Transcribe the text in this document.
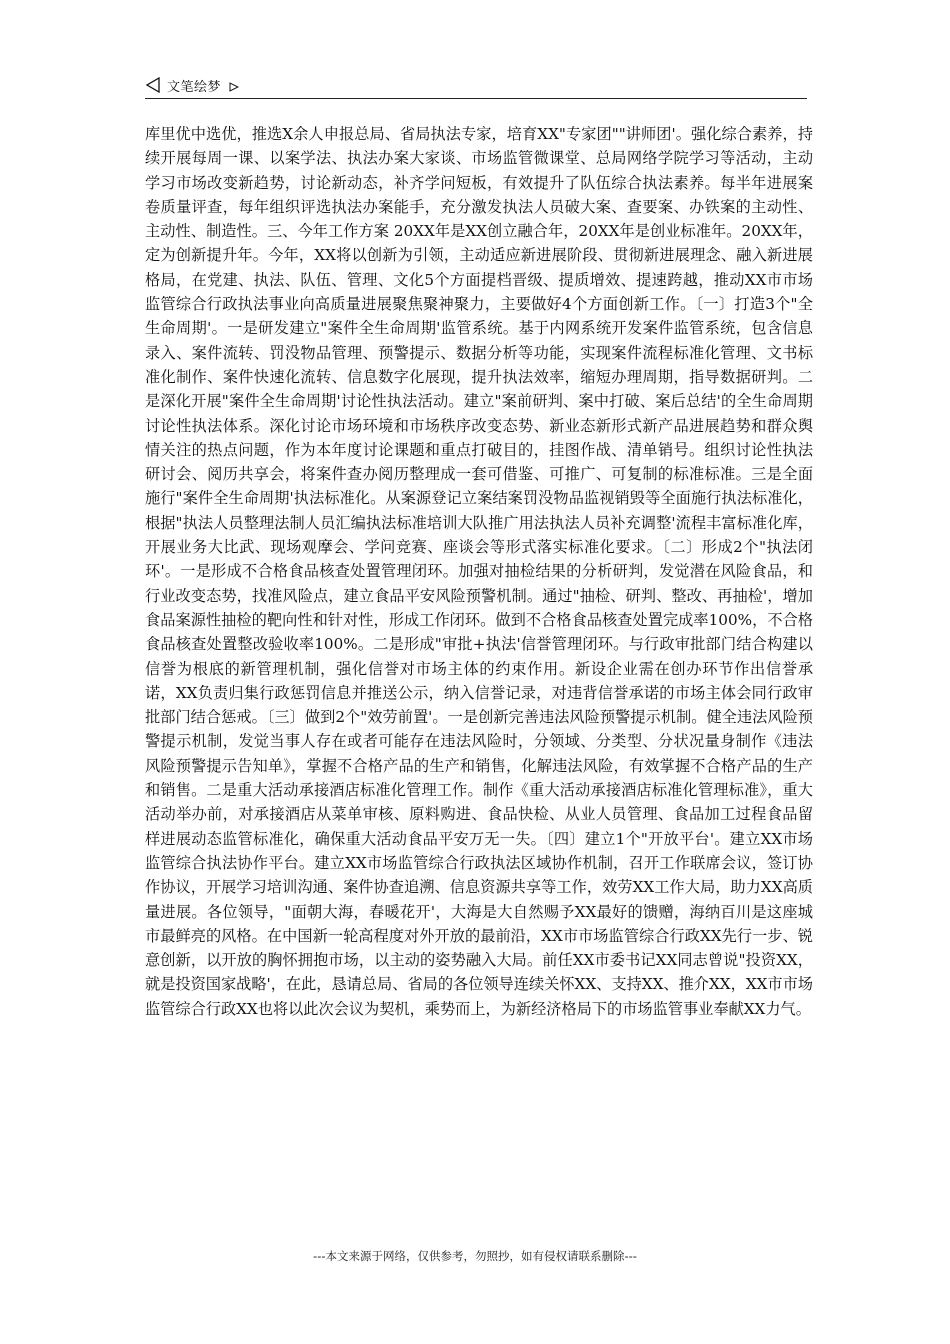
文笔绘梦

库里优中选优，推选X余人申报总局、省局执法专家，培育XX"专家团""讲师团'。强化综合素养，持续开展每周一课、以案学法、执法办案大家谈、市场监管微课堂、总局网络学院学习等活动，主动学习市场改变新趋势，讨论新动态，补齐学问短板，有效提升了队伍综合执法素养。每半年进展案卷质量评查，每年组织评选执法办案能手，充分激发执法人员破大案、查要案、办铁案的主动性、主动性、制造性。三、今年工作方案 20XX年是XX创立融合年，20XX年是创业标准年。20XX年，定为创新提升年。今年，XX将以创新为引领，主动适应新进展阶段、贯彻新进展理念、融入新进展格局，在党建、执法、队伍、管理、文化5个方面提档晋级、提质增效、提速跨越，推动XX市市场监管综合行政执法事业向高质量进展聚焦聚神聚力，主要做好4个方面创新工作。〔一〕打造3个"全生命周期'。一是研发建立"案件全生命周期'监管系统。基于内网系统开发案件监管系统，包含信息录入、案件流转、罚没物品管理、预警提示、数据分析等功能，实现案件流程标准化管理、文书标准化制作、案件快速化流转、信息数字化展现，提升执法效率，缩短办理周期，指导数据研判。二是深化开展"案件全生命周期'讨论性执法活动。建立"案前研判、案中打破、案后总结'的全生命周期讨论性执法体系。深化讨论市场环境和市场秩序改变态势、新业态新形式新产品进展趋势和群众舆情关注的热点问题，作为本年度讨论课题和重点打破目的，挂图作战、清单销号。组织讨论性执法研讨会、阅历共享会，将案件查办阅历整理成一套可借鉴、可推广、可复制的标准标准。三是全面施行"案件全生命周期'执法标准化。从案源登记立案结案罚没物品监视销毁等全面施行执法标准化，根据"执法人员整理法制人员汇编执法标准培训大队推广用法执法人员补充调整'流程丰富标准化库，开展业务大比武、现场观摩会、学问竞赛、座谈会等形式落实标准化要求。〔二〕形成2个"执法闭环'。一是形成不合格食品核查处置管理闭环。加强对抽检结果的分析研判，发觉潜在风险食品，和行业改变态势，找准风险点，建立食品平安风险预警机制。通过"抽检、研判、整改、再抽检'，增加食品案源性抽检的靶向性和针对性，形成工作闭环。做到不合格食品核查处置完成率100%，不合格食品核查处置整改验收率100%。二是形成"审批+执法'信誉管理闭环。与行政审批部门结合构建以信誉为根底的新管理机制，强化信誉对市场主体的约束作用。新设企业需在创办环节作出信誉承诺，XX负责归集行政惩罚信息并推送公示，纳入信誉记录，对违背信誉承诺的市场主体会同行政审批部门结合惩戒。〔三〕做到2个"效劳前置'。一是创新完善违法风险预警提示机制。健全违法风险预警提示机制，发觉当事人存在或者可能存在违法风险时，分领域、分类型、分状况量身制作《违法风险预警提示告知单》，掌握不合格产品的生产和销售，化解违法风险，有效掌握不合格产品的生产和销售。二是重大活动承接酒店标准化管理工作。制作《重大活动承接酒店标准化管理标准》，重大活动举办前，对承接酒店从菜单审核、原料购进、食品快检、从业人员管理、食品加工过程食品留样进展动态监管标准化，确保重大活动食品平安万无一失。〔四〕建立1个"开放平台'。建立XX市场监管综合执法协作平台。建立XX市场监管综合行政执法区域协作机制，召开工作联席会议，签订协作协议，开展学习培训沟通、案件协查追溯、信息资源共享等工作，效劳XX工作大局，助力XX高质量进展。各位领导，"面朝大海，春暖花开'，大海是大自然赐予XX最好的馈赠，海纳百川是这座城市最鲜亮的风格。在中国新一轮高程度对外开放的最前沿，XX市市场监管综合行政XX先行一步、锐意创新，以开放的胸怀拥抱市场，以主动的姿势融入大局。前任XX市委书记XX同志曾说"投资XX，就是投资国家战略'，在此，恳请总局、省局的各位领导连续关怀XX、支持XX、推介XX，XX市市场监管综合行政XX也将以此次会议为契机，乘势而上，为新经济格局下的市场监管事业奉献XX力气。

---本文来源于网络，仅供参考，勿照抄，如有侵权请联系删除---
